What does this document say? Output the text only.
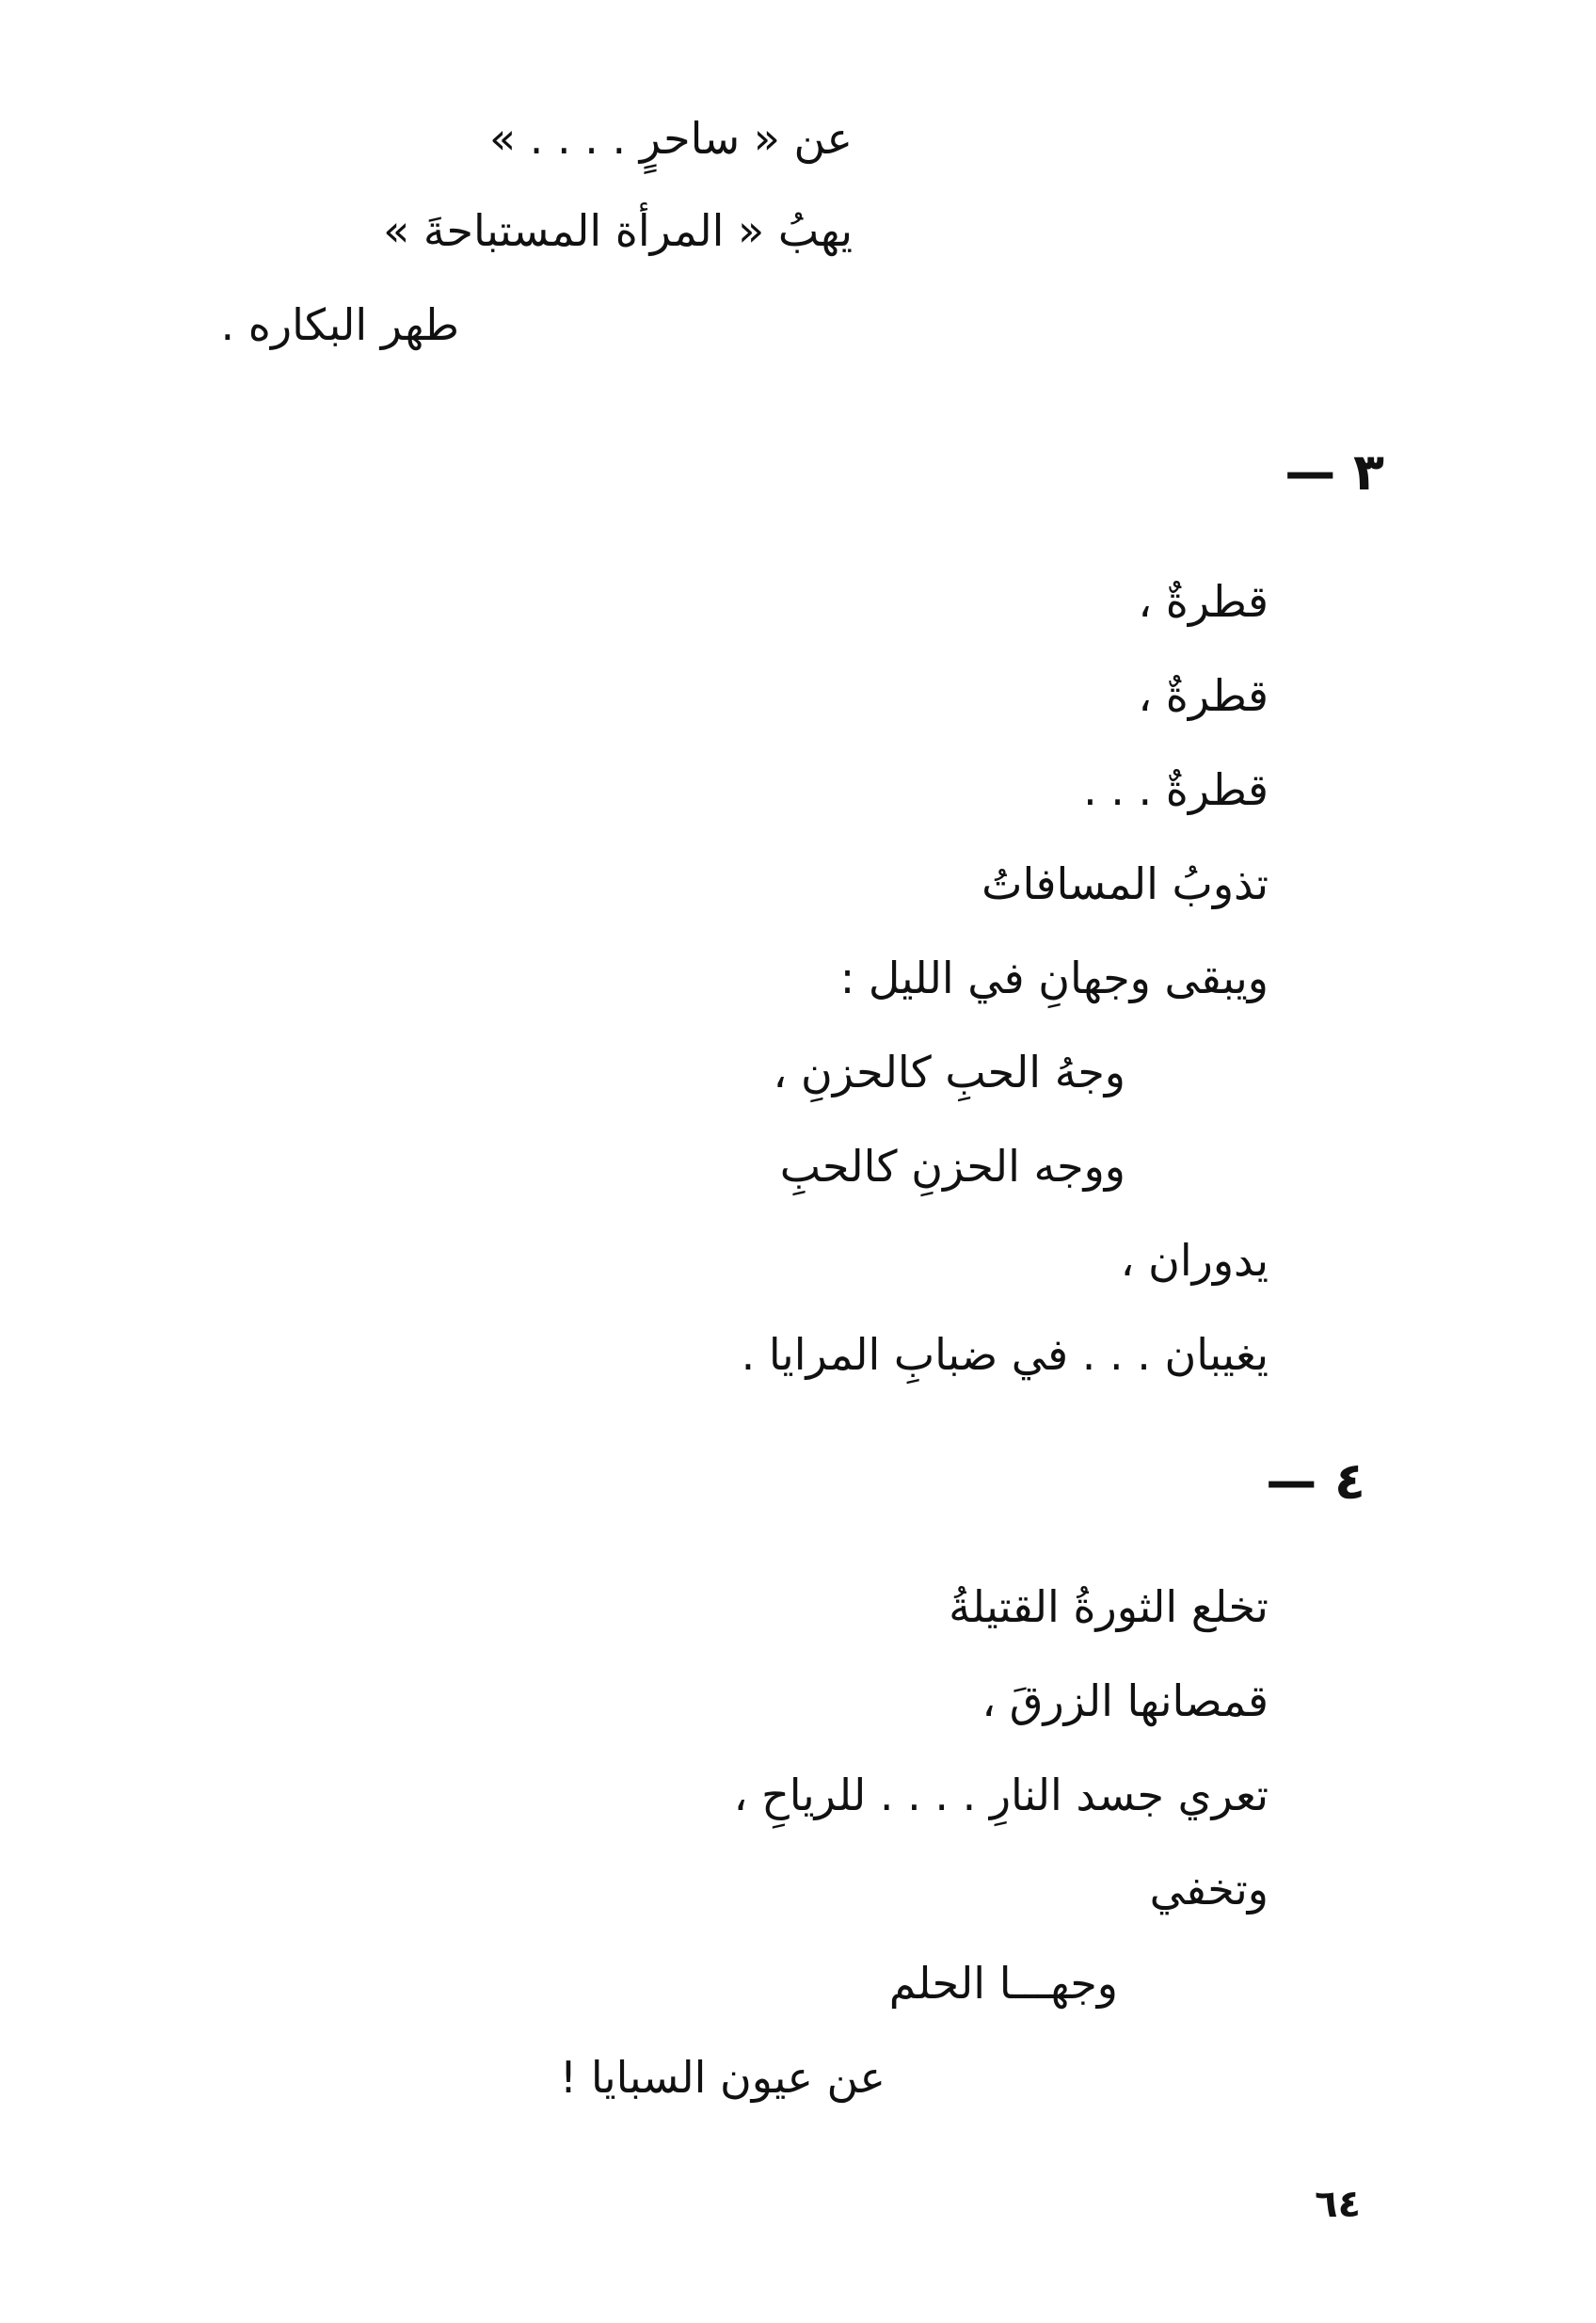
عن « ساحرٍ . . . . »
يهبُ « المرأة المستباحةَ »
طهر البكاره .
٣ —
قطرةٌ ،
قطرةٌ ،
قطرةٌ . . .
تذوبُ المسافاتُ
ويبقى وجهانِ في الليل :
وجهُ الحبِ كالحزنِ ،
ووجه الحزنِ كالحبِ
يدوران ،
يغيبان . . . في ضبابِ المرايا .
٤ —
تخلع الثورةُ القتيلةُ
قمصانها الزرقَ ،
تعري جسد النارِ . . . . للرياحِ ،
وتخفي
وجهـــا الحلم
عن عيون السبايا !
٦٤
